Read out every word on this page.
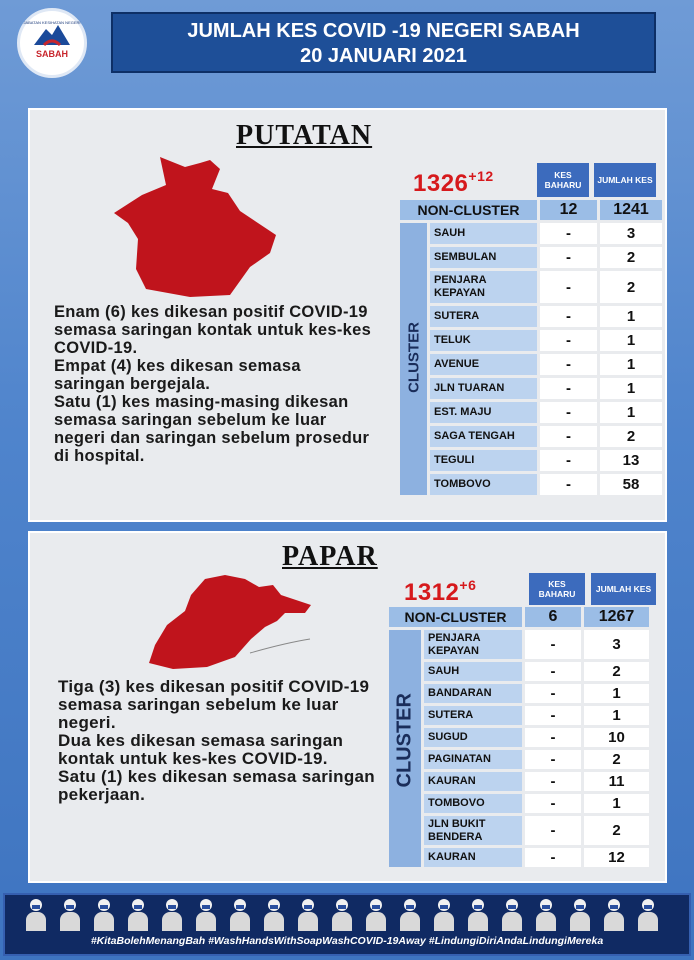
JABATAN KESIHATAN NEGERI
SABAH
JUMLAH KES COVID -19 NEGERI SABAH
20 JANUARI 2021
PUTATAN

Enam (6) kes dikesan positif COVID-19 semasa saringan kontak untuk kes-kes COVID-19.

Empat (4) kes dikesan semasa saringan bergejala.

Satu (1) kes masing-masing dikesan semasa saringan sebelum ke luar negeri dan saringan sebelum prosedur di hospital.

$1326^{+12}$	KES BAHARU	JUMLAH KES
NON-CLUSTER	12	1241
SAUH	-	3
SEMBULAN	-	2
PENJARA KEPAYAN	-	2
SUTERA	-	1
TELUK	-	1
AVENUE	-	1
JLN TUARAN	-	1
EST. MAJU	-	1
SAGA TENGAH	-	2
TEGULI	-	13
TOMBOVO	-	58
CLUSTER
PAPAR

Tiga (3) kes dikesan positif COVID-19 semasa saringan sebelum ke luar negeri.

Dua kes dikesan semasa saringan kontak untuk kes-kes COVID-19.

Satu (1) kes dikesan semasa saringan pekerjaan.

$1312^{+6}$	KES BAHARU	JUMLAH KES
NON-CLUSTER	6	1267
PENJARA KEPAYAN	-	3
SAUH	-	2
BANDARAN	-	1
SUTERA	-	1
SUGUD	-	10
PAGINATAN	-	2
KAURAN	-	11
TOMBOVO	-	1
JLN BUKIT BENDERA	-	2
KAURAN	-	12
CLUSTER
#KitaBolehMenangBah #WashHandsWithSoapWashCOVID-19Away #LindungiDiriAndaLindungiMereka
